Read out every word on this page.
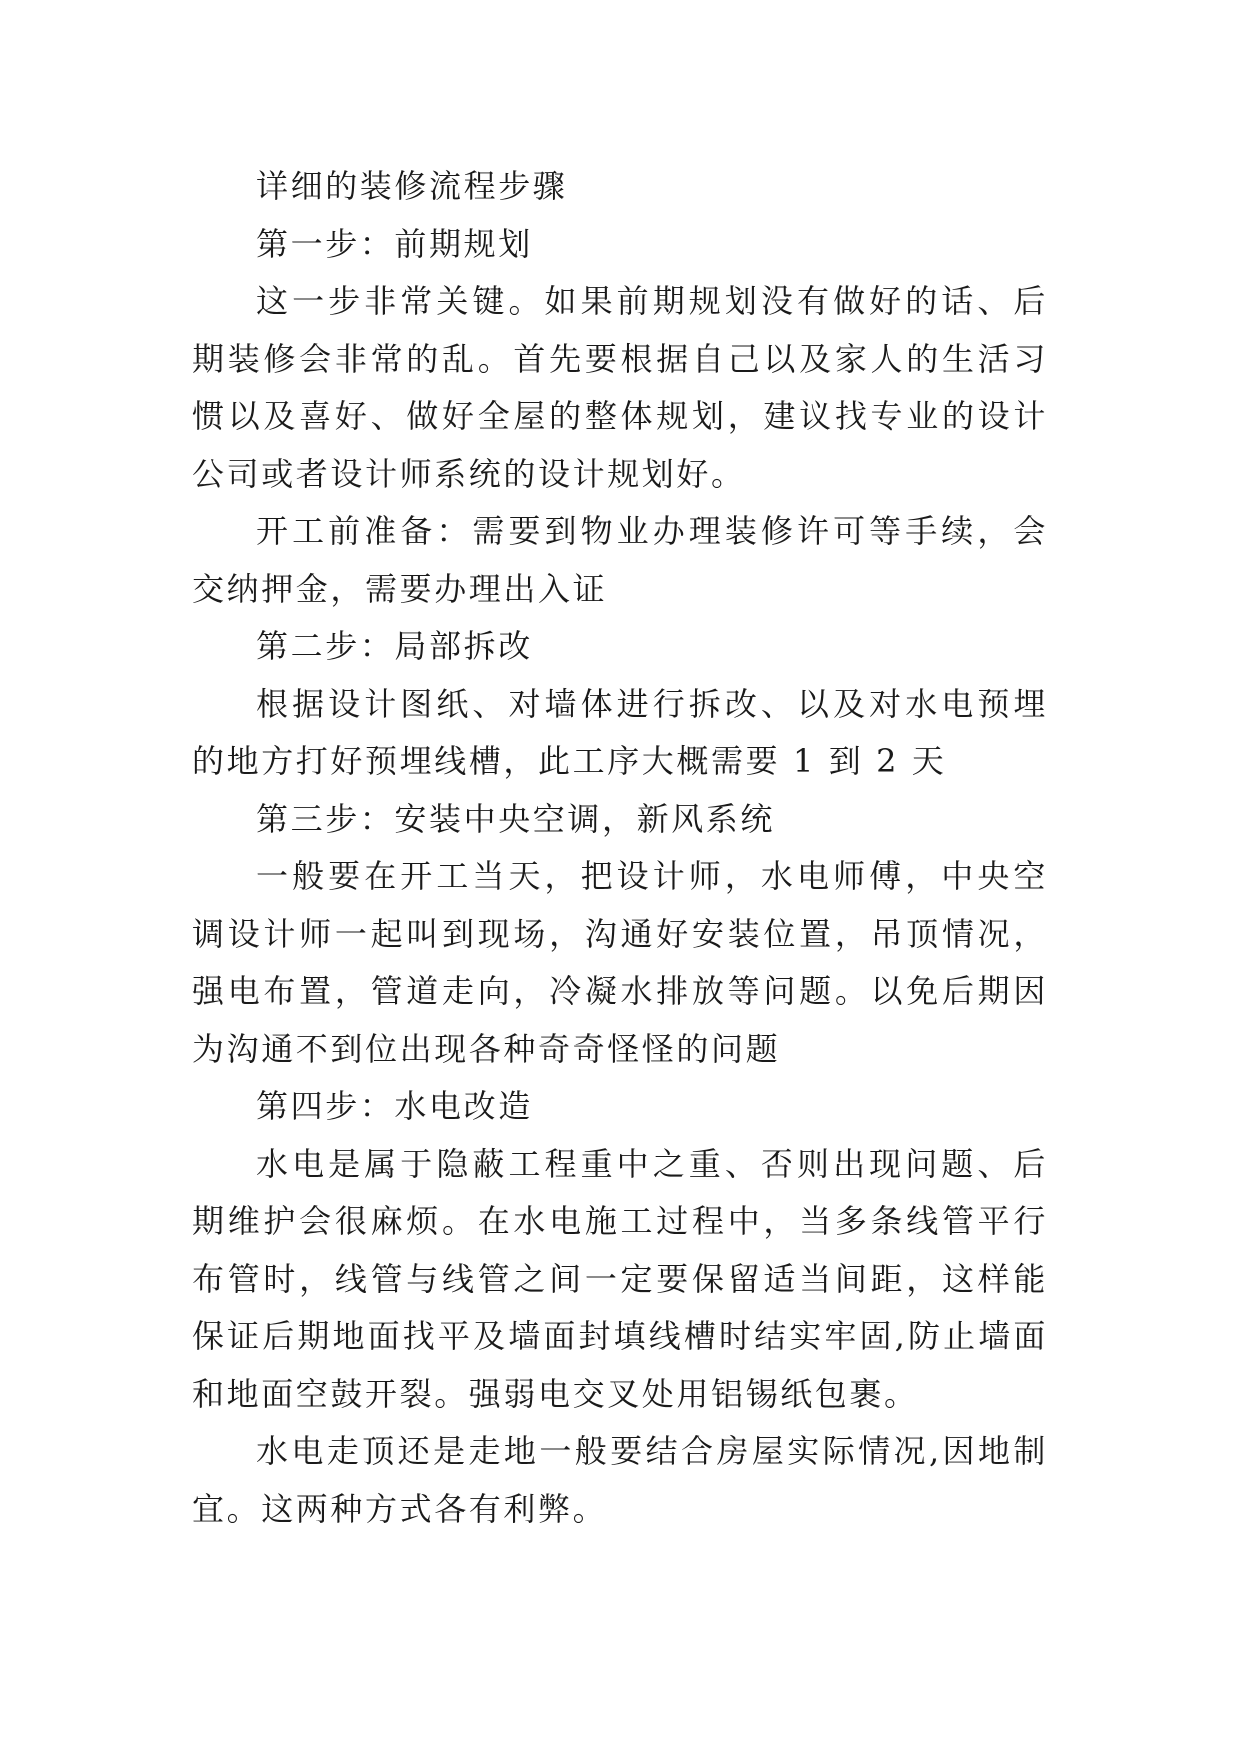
详细的装修流程步骤

第一步：前期规划

这一步非常关键。如果前期规划没有做好的话、后期装修会非常的乱。首先要根据自己以及家人的生活习惯以及喜好、做好全屋的整体规划，建议找专业的设计公司或者设计师系统的设计规划好。

开工前准备：需要到物业办理装修许可等手续，会交纳押金，需要办理出入证

第二步：局部拆改

根据设计图纸、对墙体进行拆改、以及对水电预埋的地方打好预埋线槽，此工序大概需要 1 到 2 天

第三步：安装中央空调，新风系统

一般要在开工当天，把设计师，水电师傅，中央空调设计师一起叫到现场，沟通好安装位置，吊顶情况，强电布置，管道走向，冷凝水排放等问题。以免后期因为沟通不到位出现各种奇奇怪怪的问题

第四步：水电改造

水电是属于隐蔽工程重中之重、否则出现问题、后期维护会很麻烦。在水电施工过程中，当多条线管平行布管时，线管与线管之间一定要保留适当间距，这样能保证后期地面找平及墙面封填线槽时结实牢固,防止墙面和地面空鼓开裂。强弱电交叉处用铝锡纸包裹。

水电走顶还是走地一般要结合房屋实际情况,因地制宜。这两种方式各有利弊。
